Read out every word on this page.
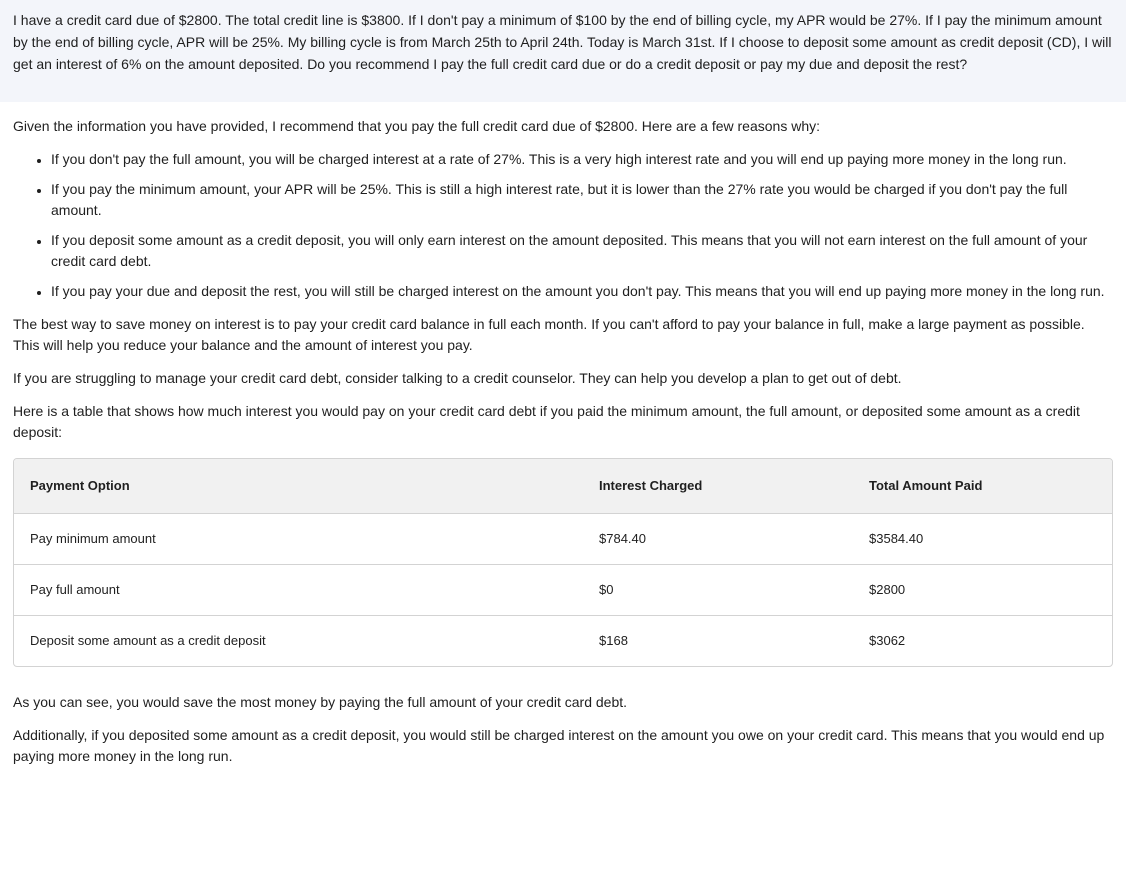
I have a credit card due of $2800. The total credit line is $3800. If I don't pay a minimum of $100 by the end of billing cycle, my APR would be 27%. If I pay the minimum amount by the end of billing cycle, APR will be 25%. My billing cycle is from March 25th to April 24th. Today is March 31st. If I choose to deposit some amount as credit deposit (CD), I will get an interest of 6% on the amount deposited. Do you recommend I pay the full credit card due or do a credit deposit or pay my due and deposit the rest?

Given the information you have provided, I recommend that you pay the full credit card due of $2800. Here are a few reasons why:

• If you don't pay the full amount, you will be charged interest at a rate of 27%. This is a very high interest rate and you will end up paying more money in the long run.
• If you pay the minimum amount, your APR will be 25%. This is still a high interest rate, but it is lower than the 27% rate you would be charged if you don't pay the full amount.
• If you deposit some amount as a credit deposit, you will only earn interest on the amount deposited. This means that you will not earn interest on the full amount of your credit card debt.
• If you pay your due and deposit the rest, you will still be charged interest on the amount you don't pay. This means that you will end up paying more money in the long run.

The best way to save money on interest is to pay your credit card balance in full each month. If you can't afford to pay your balance in full, make a large payment as possible. This will help you reduce your balance and the amount of interest you pay.

If you are struggling to manage your credit card debt, consider talking to a credit counselor. They can help you develop a plan to get out of debt.

Here is a table that shows how much interest you would pay on your credit card debt if you paid the minimum amount, the full amount, or deposited some amount as a credit deposit:

Payment Option	Interest Charged	Total Amount Paid
Pay minimum amount	$784.40	$3584.40
Pay full amount	$0	$2800
Deposit some amount as a credit deposit	$168	$3062

As you can see, you would save the most money by paying the full amount of your credit card debt.

Additionally, if you deposited some amount as a credit deposit, you would still be charged interest on the amount you owe on your credit card. This means that you would end up paying more money in the long run.
